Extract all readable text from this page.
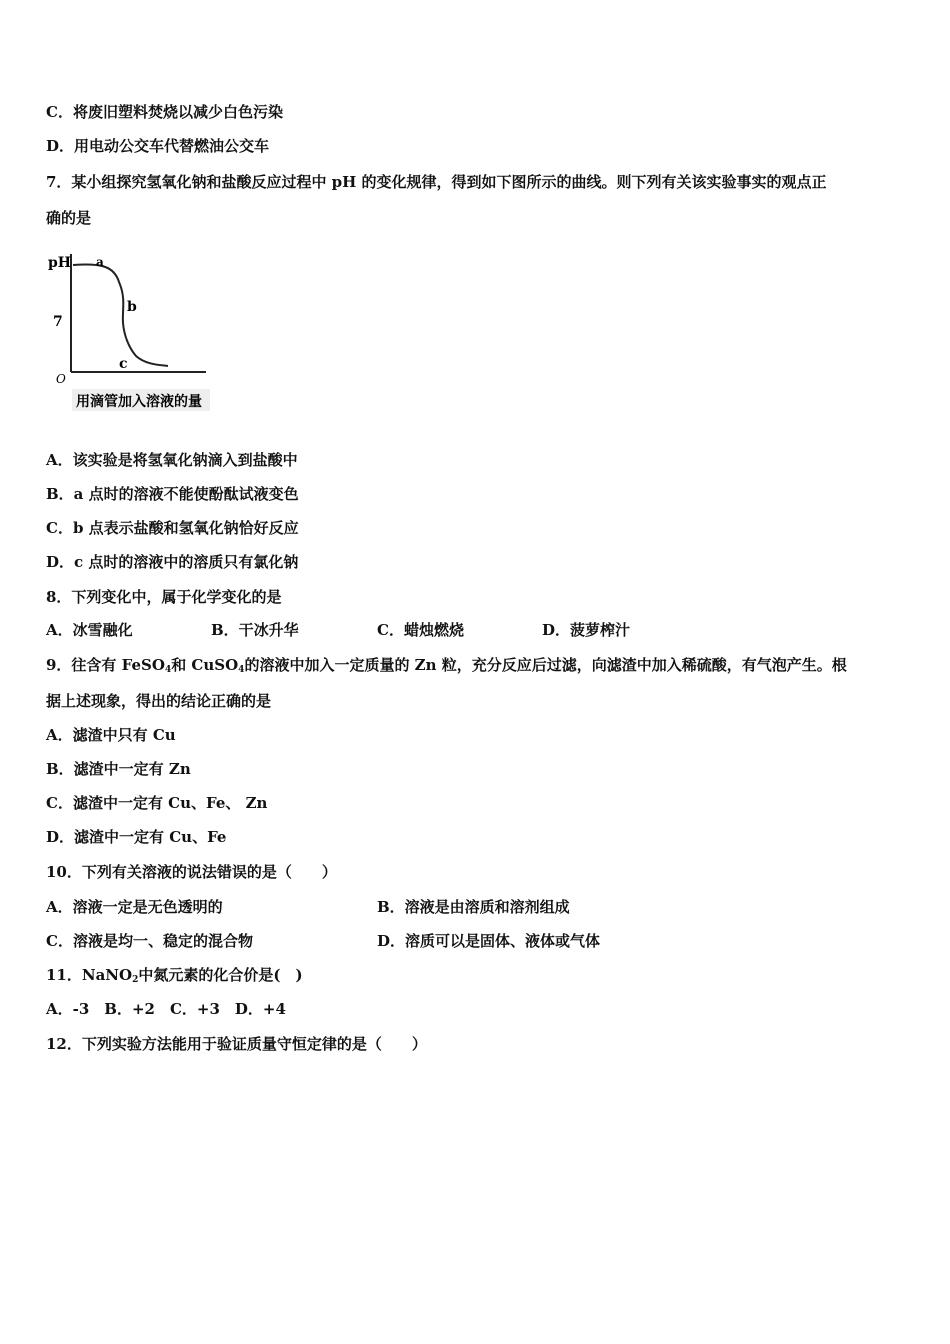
C．将废旧塑料焚烧以减少白色污染
D．用电动公交车代替燃油公交车
7．某小组探究氢氧化钠和盐酸反应过程中 pH 的变化规律，得到如下图所示的曲线。则下列有关该实验事实的观点正
确的是
pH
7
O
a
b
c
用滴管加入溶液的量
A．该实验是将氢氧化钠滴入到盐酸中
B．a 点时的溶液不能使酚酞试液变色
C．b 点表示盐酸和氢氧化钠恰好反应
D．c 点时的溶液中的溶质只有氯化钠
8．下列变化中，属于化学变化的是
A．冰雪融化	B．干冰升华	C．蜡烛燃烧	D．菠萝榨汁
9．往含有 FeSO$_4$和 CuSO$_4$的溶液中加入一定质量的 Zn 粒，充分反应后过滤，向滤渣中加入稀硫酸，有气泡产生。根
据上述现象，得出的结论正确的是
A．滤渣中只有 Cu
B．滤渣中一定有 Zn
C．滤渣中一定有 Cu、Fe、 Zn
D．滤渣中一定有 Cu、Fe
10．下列有关溶液的说法错误的是（　　）
A．溶液一定是无色透明的	B．溶液是由溶质和溶剂组成
C．溶液是均一、稳定的混合物	D．溶质可以是固体、液体或气体
11．NaNO$_2$中氮元素的化合价是(　)
A．-3　B．+2　C．+3　D．+4
12．下列实验方法能用于验证质量守恒定律的是（　　）
